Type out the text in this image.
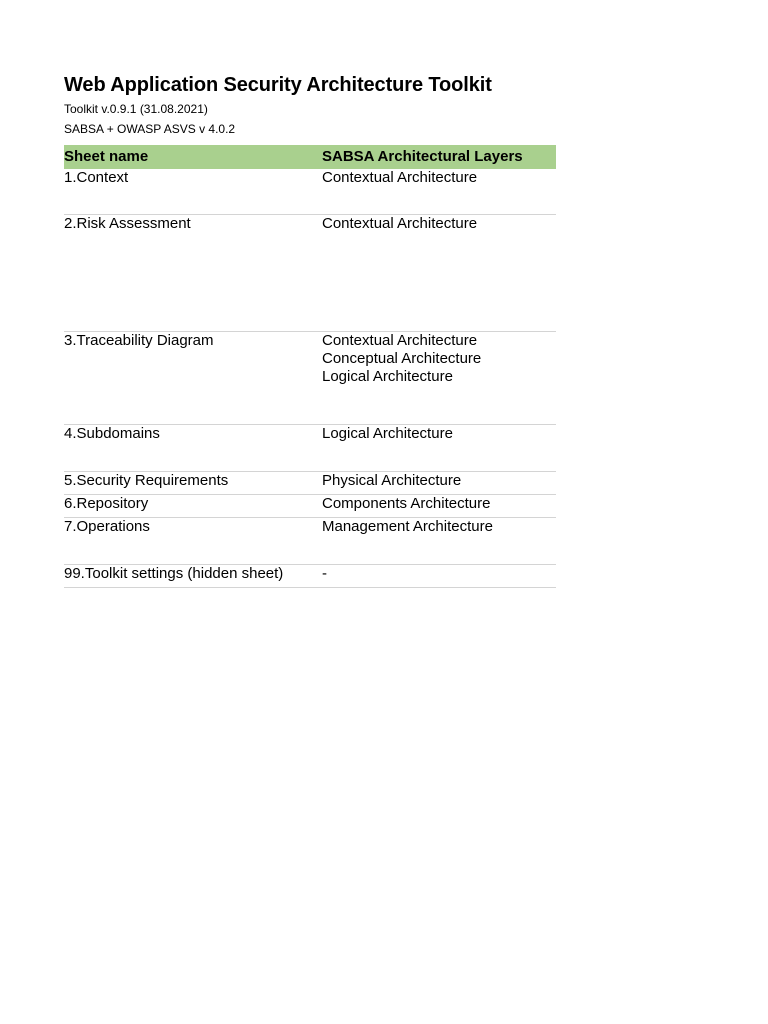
Web Application Security Architecture Toolkit

Toolkit v.0.9.1 (31.08.2021)

SABSA + OWASP ASVS v 4.0.2

Sheet name	SABSA Architectural Layers
1.Context	Contextual Architecture
2.Risk Assessment	Contextual Architecture
3.Traceability Diagram	Contextual Architecture
Conceptual Architecture
Logical Architecture
4.Subdomains	Logical Architecture
5.Security Requirements	Physical Architecture
6.Repository	Components Architecture
7.Operations	Management Architecture
99.Toolkit settings (hidden sheet)	-
